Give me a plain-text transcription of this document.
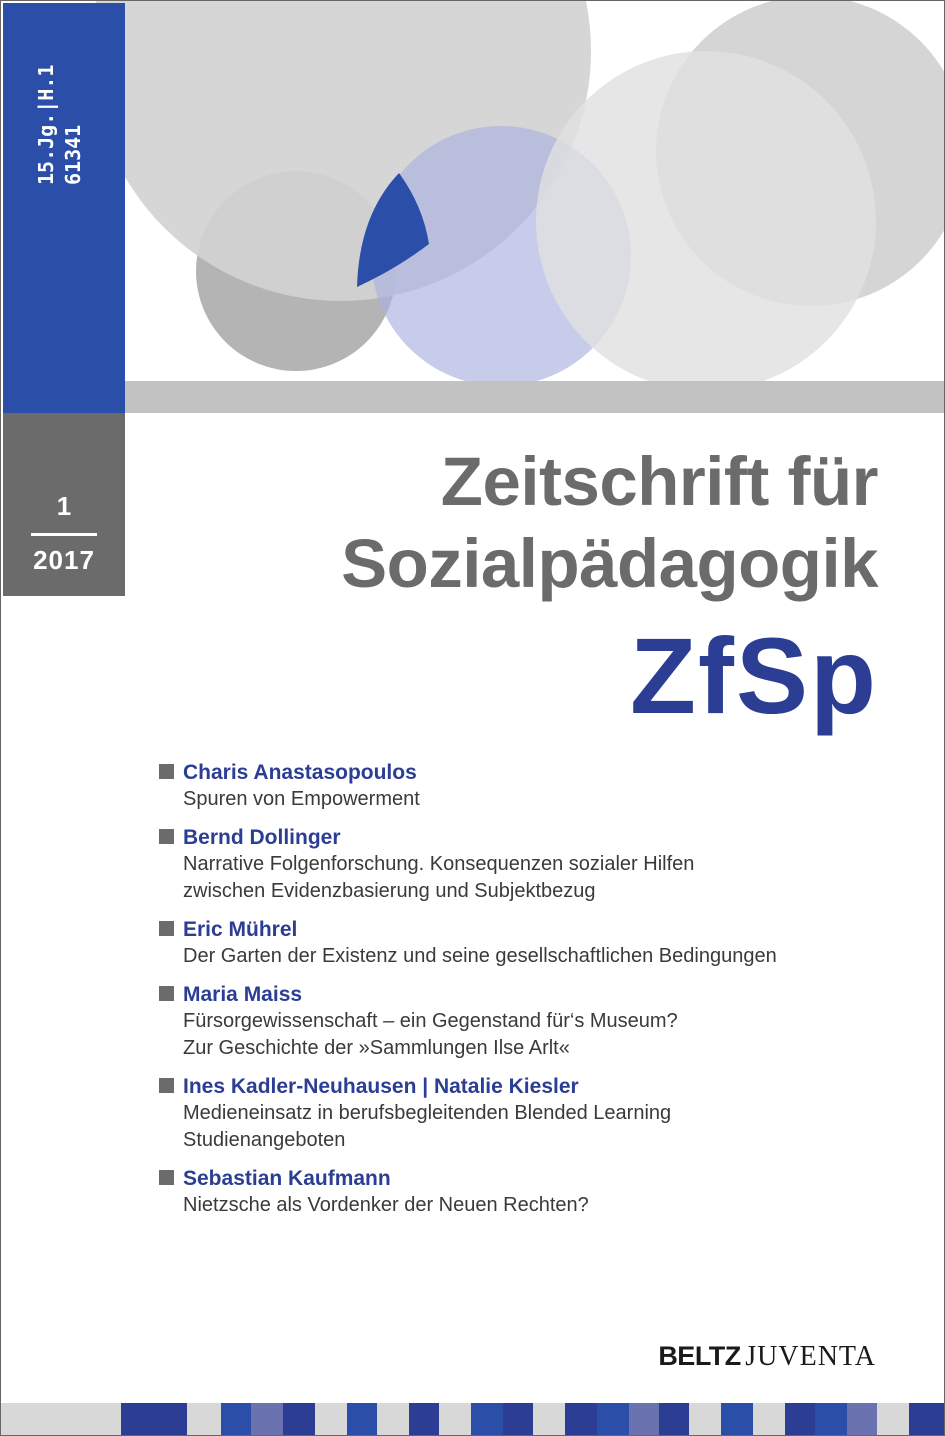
15.Jg.|H.1 61341
1
2017
Zeitschrift für
Sozialpädagogik
ZfSp
Charis Anastasopoulos
Spuren von Empowerment
Bernd Dollinger
Narrative Folgenforschung. Konsequenzen sozialer Hilfen
zwischen Evidenzbasierung und Subjektbezug
Eric Mührel
Der Garten der Existenz und seine gesellschaftlichen Bedingungen
Maria Maiss
Fürsorgewissenschaft – ein Gegenstand für‘s Museum?
Zur Geschichte der »Sammlungen Ilse Arlt«
Ines Kadler-Neuhausen | Natalie Kiesler
Medieneinsatz in berufsbegleitenden Blended Learning
Studienangeboten
Sebastian Kaufmann
Nietzsche als Vordenker der Neuen Rechten?
BELTZ JUVENTA
